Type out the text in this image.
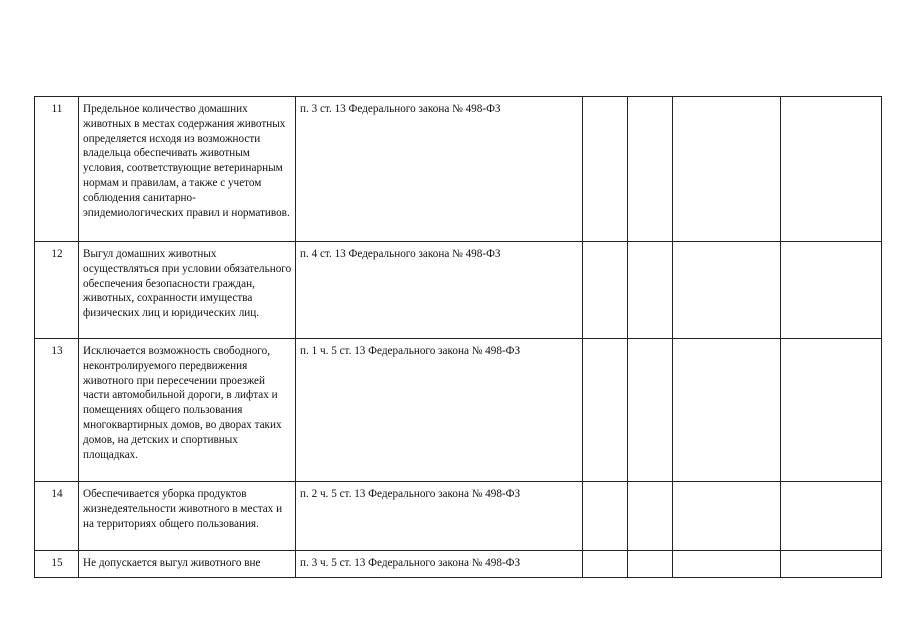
11	Предельное количество домашних животных в местах содержания животных определяется исходя из возможности владельца обеспечивать животным условия, соответствующие ветеринарным нормам и правилам, а также с учетом соблюдения санитарно-эпидемиологических правил и нормативов.	п. 3 ст. 13 Федерального закона № 498-ФЗ				
12	Выгул домашних животных осуществляться при условии обязательного обеспечения безопасности граждан, животных, сохранности имущества физических лиц и юридических лиц.	п. 4 ст. 13 Федерального закона № 498-ФЗ				
13	Исключается возможность свободного, неконтролируемого передвижения животного при пересечении проезжей части автомобильной дороги, в лифтах и помещениях общего пользования многоквартирных домов, во дворах таких домов, на детских и спортивных площадках.	п. 1 ч. 5 ст. 13 Федерального закона № 498-ФЗ				
14	Обеспечивается уборка продуктов жизнедеятельности животного в местах и на территориях общего пользования.	п. 2 ч. 5 ст. 13 Федерального закона № 498-ФЗ				
15	Не допускается выгул животного вне	п. 3 ч. 5 ст. 13 Федерального закона № 498-ФЗ				
